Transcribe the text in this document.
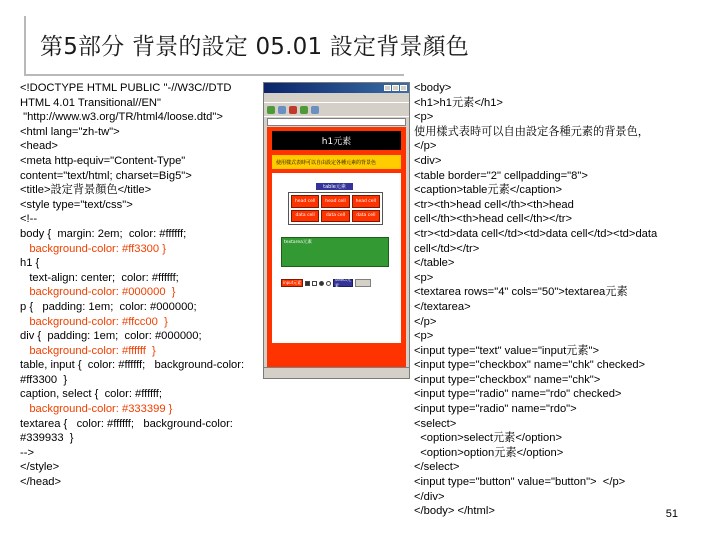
第5部分 背景的設定 05.01 設定背景顏色
<!DOCTYPE HTML PUBLIC "-//W3C//DTD
HTML 4.01 Transitional//EN"
"http://www.w3.org/TR/html4/loose.dtd">
<html lang="zh-tw">
<head>
<meta http-equiv="Content-Type"
content="text/html; charset=Big5">
<title>設定背景顏色</title>
<style type="text/css">
<!--
body {  margin: 2em;  color: #ffffff;
background-color: #ff3300 }
h1 {
text-align: center;  color: #ffffff;
background-color: #000000  }
p {   padding: 1em;  color: #000000;
background-color: #ffcc00  }
div {  padding: 1em;  color: #000000;
background-color: #ffffff  }
table, input {  color: #ffffff;   background-color:
#ff3300  }
caption, select {  color: #ffffff;
background-color: #333399 }
textarea {   color: #ffffff;   background-color:
#339933  }
-->
</style>
</head>

<body>
<h1>h1元素</h1>
<p>
使用樣式表時可以自由設定各種元素的背景色，
</p>
<div>
<table border="2" cellpadding="8">
<caption>table元素</caption>
<tr><th>head cell</th><th>head
cell</th><th>head cell</th></tr>
<tr><td>data cell</td><td>data cell</td><td>data
cell</td></tr>
</table>
<p>
<textarea rows="4" cols="50">textarea元素
</textarea>
</p>
<p>
<input type="text" value="input元素">
<input type="checkbox" name="chk" checked>
<input type="checkbox" name="chk">
<input type="radio" name="rdo" checked>
<input type="radio" name="rdo">
<select>
<option>select元素</option>
<option>option元素</option>
</select>
<input type="button" value="button">  </p>
</div>
</body> </html>

h1元素
使用樣式表時可以自由設定各種元素的背景色
table元素
head cell	head cell	head cell
data cell	data cell	data cell
textarea元素
input元素
select元素
51
